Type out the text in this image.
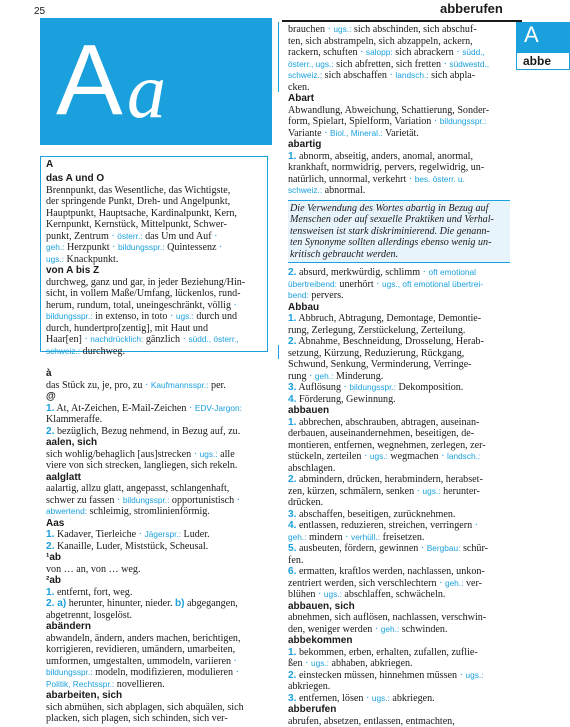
25	abberufen
A a
A
abbe
A
das A und O
Brennpunkt, das Wesentliche, das Wichtigste,
der springende Punkt, Dreh- und Angelpunkt,
Hauptpunkt, Hauptsache, Kardinalpunkt, Kern,
Kernpunkt, Kernstück, Mittelpunkt, Schwer-
punkt, Zentrum · österr.: das Um und Auf ·
geh.: Herzpunkt · bildungsspr.: Quintessenz ·
ugs.: Knackpunkt.
von A bis Z
durchweg, ganz und gar, in jeder Beziehung/Hin-
sicht, in vollem Maße/Umfang, lückenlos, rund-
herum, rundum, total, uneingeschränkt, völlig ·
bildungsspr.: in extenso, in toto · ugs.: durch und
durch, hundertpro[zentig], mit Haut und
Haar[en] · nachdrücklich: gänzlich · südd., österr.,
schweiz.: durchweg.
à
das Stück zu, je, pro, zu · Kaufmannsspr.: per.
@
1. At, At-Zeichen, E-Mail-Zeichen · EDV-Jargon:
Klammeraffe.
2. bezüglich, Bezug nehmend, in Bezug auf, zu.
aalen, sich
sich wohlig/behaglich [aus]strecken · ugs.: alle
viere von sich strecken, langliegen, sich rekeln.
aalglatt
aalartig, allzu glatt, angepasst, schlangenhaft,
schwer zu fassen · bildungsspr.: opportunistisch ·
abwertend: schleimig, stromlinienförmig.
Aas
1. Kadaver, Tierleiche · Jägerspr.: Luder.
2. Kanaille, Luder, Miststück, Scheusal.
¹ab
von … an, von … weg.
²ab
1. entfernt, fort, weg.
2. a) herunter, hinunter, nieder. b) abgegangen,
abgetrennt, losgelöst.
abändern
abwandeln, ändern, anders machen, berichtigen,
korrigieren, revidieren, umändern, umarbeiten,
umformen, umgestalten, ummodeln, variieren ·
bildungsspr.: modeln, modifizieren, modulieren ·
Politik, Rechtsspr.: novellieren.
abarbeiten, sich
sich abmühen, sich abplagen, sich abquälen, sich
placken, sich plagen, sich schinden, sich ver-
brauchen · ugs.: sich abschinden, sich abschuf-
ten, sich abstrampeln, sich abzappeln, ackern,
rackern, schuften · salopp: sich abrackern · südd.,
österr., ugs.: sich abfretten, sich fretten · südwestd.,
schweiz.: sich abschaffen · landsch.: sich abpla-
cken.
Abart
Abwandlung, Abweichung, Schattierung, Sonder-
form, Spielart, Spielform, Variation · bildungsspr.:
Variante · Biol., Mineral.: Varietät.
abartig
1. abnorm, abseitig, anders, anomal, anormal,
krankhaft, normwidrig, pervers, regelwidrig, un-
natürlich, unnormal, verkehrt · bes. österr. u.
schweiz.: abnormal.
Die Verwendung des Wortes abartig in Bezug auf
Menschen oder auf sexuelle Praktiken und Verhal-
tensweisen ist stark diskriminierend. Die genann-
ten Synonyme sollten allerdings ebenso wenig un-
kritisch gebraucht werden.
2. absurd, merkwürdig, schlimm · oft emotional
übertreibend: unerhört · ugs., oft emotional übertrei-
bend: pervers.
Abbau
1. Abbruch, Abtragung, Demontage, Demontie-
rung, Zerlegung, Zerstückelung, Zerteilung.
2. Abnahme, Beschneidung, Drosselung, Herab-
setzung, Kürzung, Reduzierung, Rückgang,
Schwund, Senkung, Verminderung, Verringe-
rung · geh.: Minderung.
3. Auflösung · bildungsspr.: Dekomposition.
4. Förderung, Gewinnung.
abbauen
1. abbrechen, abschrauben, abtragen, auseinan-
derbauen, auseinandernehmen, beseitigen, de-
montieren, entfernen, wegnehmen, zerlegen, zer-
stückeln, zerteilen · ugs.: wegmachen · landsch.:
abschlagen.
2. abmindern, drücken, herabmindern, herabset-
zen, kürzen, schmälern, senken · ugs.: herunter-
drücken.
3. abschaffen, beseitigen, zurücknehmen.
4. entlassen, reduzieren, streichen, verringern ·
geh.: mindern · verhüll.: freisetzen.
5. ausbeuten, fördern, gewinnen · Bergbau: schür-
fen.
6. ermatten, kraftlos werden, nachlassen, unkon-
zentriert werden, sich verschlechtern · geh.: ver-
blühen · ugs.: abschlaffen, schwächeln.
abbauen, sich
abnehmen, sich auflösen, nachlassen, verschwin-
den, weniger werden · geh.: schwinden.
abbekommen
1. bekommen, erben, erhalten, zufallen, zuflie-
ßen · ugs.: abhaben, abkriegen.
2. einstecken müssen, hinnehmen müssen · ugs.:
abkriegen.
3. entfernen, lösen · ugs.: abkriegen.
abberufen
abrufen, absetzen, entlassen, entmachten,
